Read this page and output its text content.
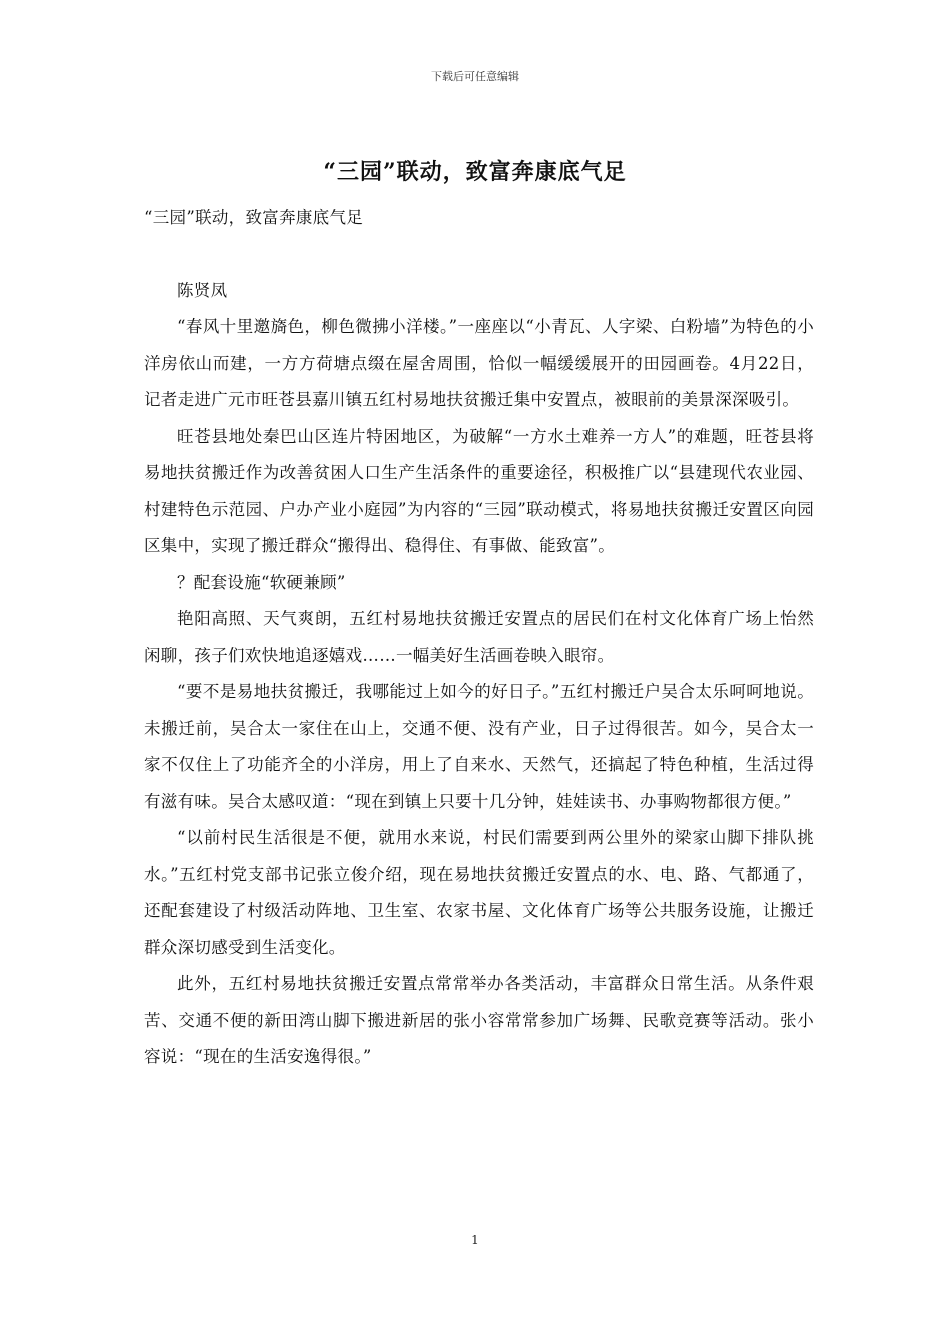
下载后可任意编辑
“三园”联动，致富奔康底气足

“三园”联动，致富奔康底气足

陈贤凤

“春风十里邀旖色，柳色微拂小洋楼。”一座座以“小青瓦、人字梁、白粉墙”为特色的小洋房依山而建，一方方荷塘点缀在屋舍周围，恰似一幅缓缓展开的田园画卷。4月22日，记者走进广元市旺苍县嘉川镇五红村易地扶贫搬迁集中安置点，被眼前的美景深深吸引。

旺苍县地处秦巴山区连片特困地区，为破解“一方水土难养一方人”的难题，旺苍县将易地扶贫搬迁作为改善贫困人口生产生活条件的重要途径，积极推广以“县建现代农业园、村建特色示范园、户办产业小庭园”为内容的“三园”联动模式，将易地扶贫搬迁安置区向园区集中，实现了搬迁群众“搬得出、稳得住、有事做、能致富”。

？配套设施“软硬兼顾”

艳阳高照、天气爽朗，五红村易地扶贫搬迁安置点的居民们在村文化体育广场上怡然闲聊，孩子们欢快地追逐嬉戏……一幅美好生活画卷映入眼帘。

“要不是易地扶贫搬迁，我哪能过上如今的好日子。”五红村搬迁户吴合太乐呵呵地说。未搬迁前，吴合太一家住在山上，交通不便、没有产业，日子过得很苦。如今，吴合太一家不仅住上了功能齐全的小洋房，用上了自来水、天然气，还搞起了特色种植，生活过得有滋有味。吴合太感叹道：“现在到镇上只要十几分钟，娃娃读书、办事购物都很方便。”

“以前村民生活很是不便，就用水来说，村民们需要到两公里外的梁家山脚下排队挑水。”五红村党支部书记张立俊介绍，现在易地扶贫搬迁安置点的水、电、路、气都通了，还配套建设了村级活动阵地、卫生室、农家书屋、文化体育广场等公共服务设施，让搬迁群众深切感受到生活变化。

此外，五红村易地扶贫搬迁安置点常常举办各类活动，丰富群众日常生活。从条件艰苦、交通不便的新田湾山脚下搬进新居的张小容常常参加广场舞、民歌竞赛等活动。张小容说：“现在的生活安逸得很。”

1
